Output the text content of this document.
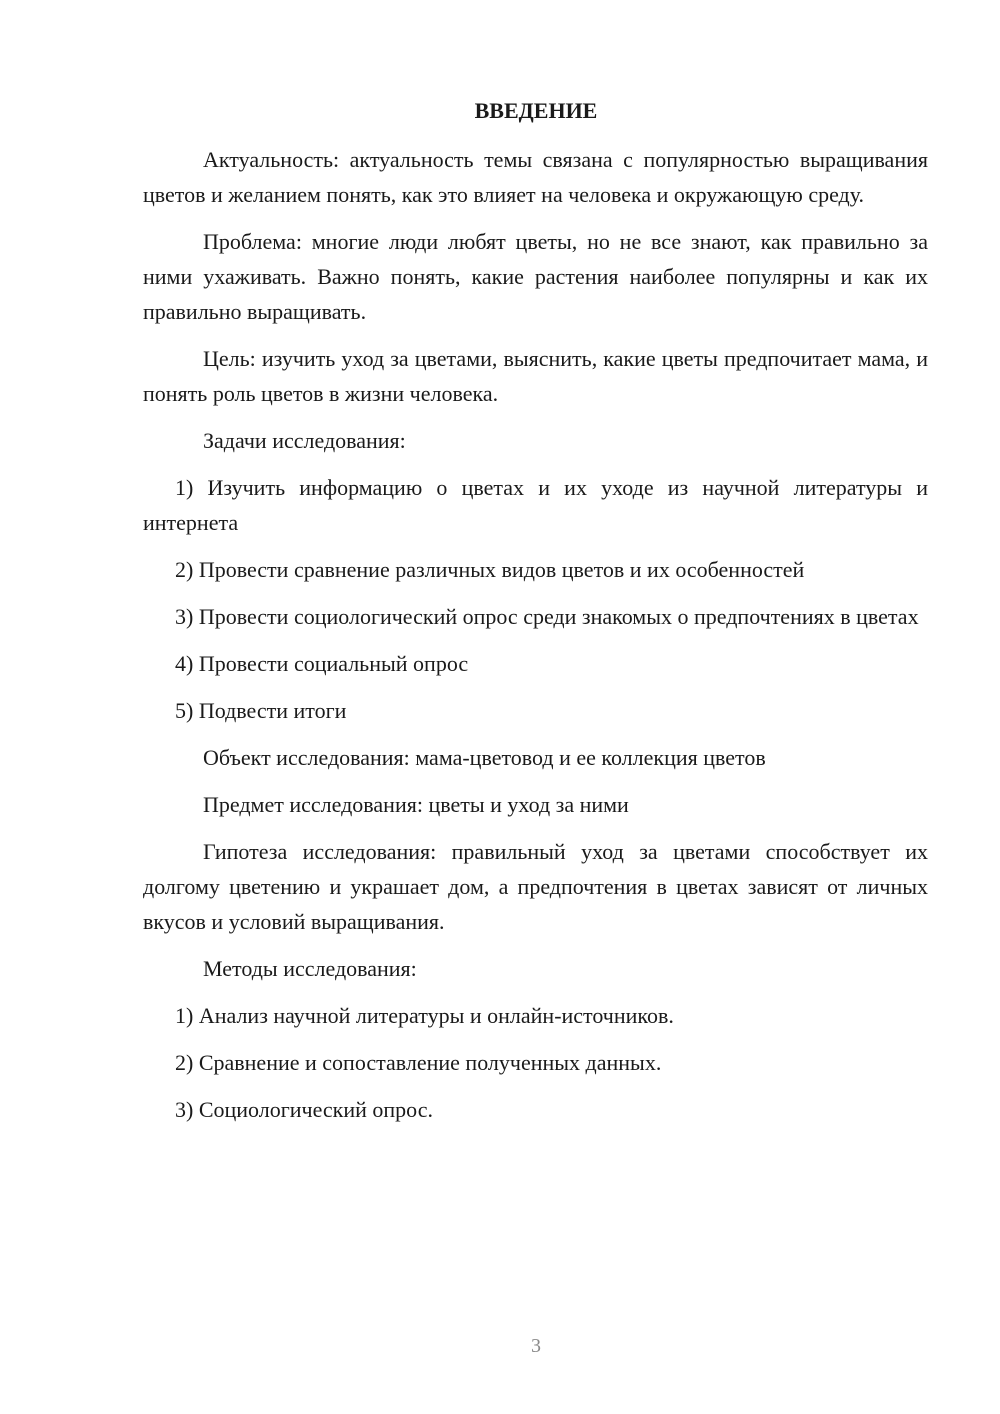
ВВЕДЕНИЕ

Актуальность: актуальность темы связана с популярностью выращивания цветов и желанием понять, как это влияет на человека и окружающую среду.

Проблема: многие люди любят цветы, но не все знают, как правильно за ними ухаживать. Важно понять, какие растения наиболее популярны и как их правильно выращивать.

Цель: изучить уход за цветами, выяснить, какие цветы предпочитает мама, и понять роль цветов в жизни человека.

Задачи исследования:

1) Изучить информацию о цветах и их уходе из научной литературы и интернета

2) Провести сравнение различных видов цветов и их особенностей

3) Провести социологический опрос среди знакомых о предпочтениях в цветах

4) Провести социальный опрос

5) Подвести итоги

Объект исследования: мама-цветовод и ее коллекция цветов

Предмет исследования: цветы и уход за ними

Гипотеза исследования: правильный уход за цветами способствует их долгому цветению и украшает дом, а предпочтения в цветах зависят от личных вкусов и условий выращивания.

Методы исследования:

1) Анализ научной литературы и онлайн-источников.

2) Сравнение и сопоставление полученных данных.

3) Социологический опрос.

3
